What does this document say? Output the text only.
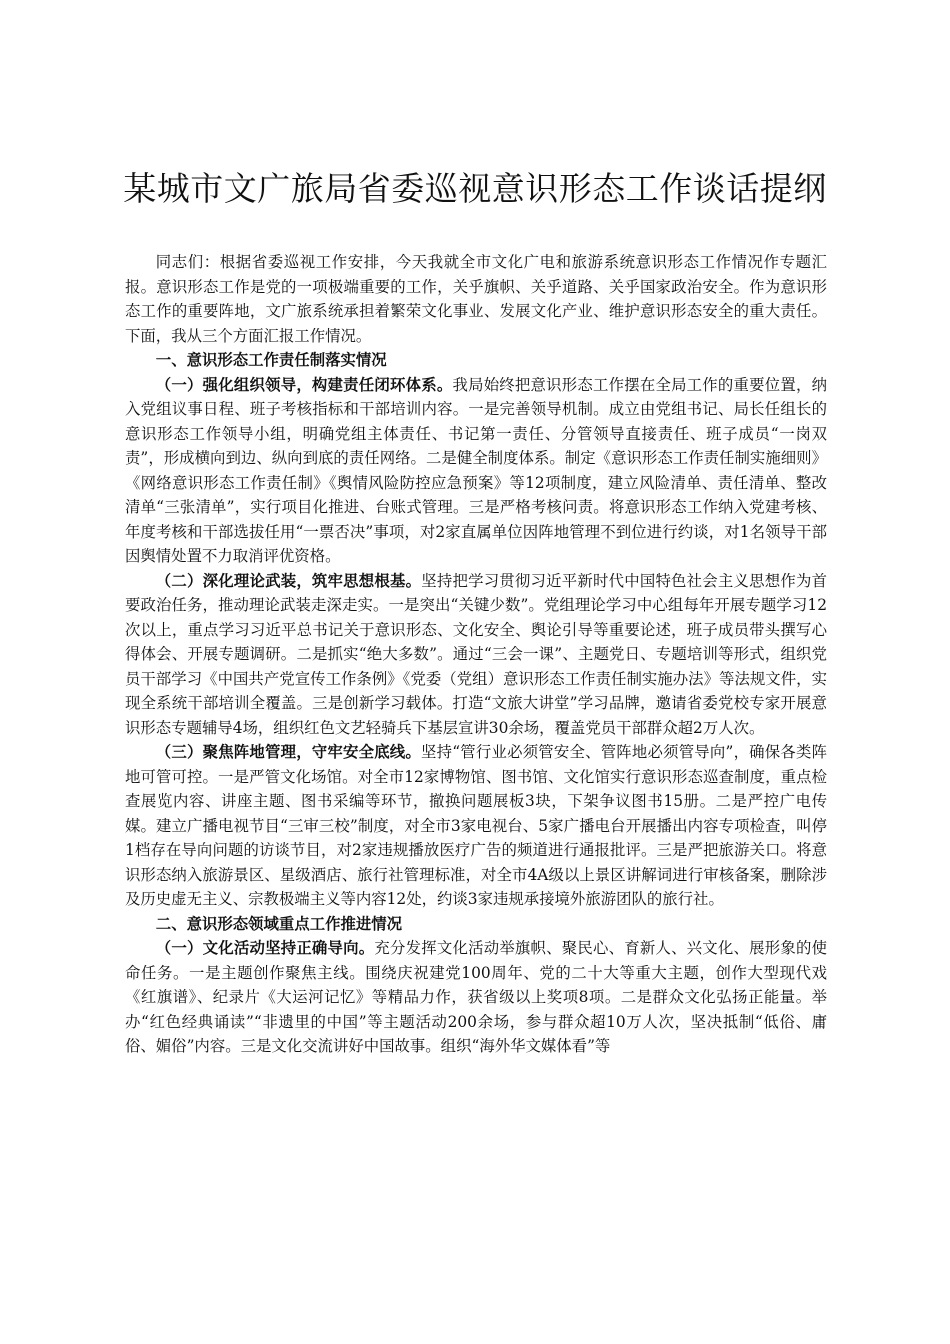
某城市文广旅局省委巡视意识形态工作谈话提纲

同志们：根据省委巡视工作安排，今天我就全市文化广电和旅游系统意识形态工作情况作专题汇报。意识形态工作是党的一项极端重要的工作，关乎旗帜、关乎道路、关乎国家政治安全。作为意识形态工作的重要阵地，文广旅系统承担着繁荣文化事业、发展文化产业、维护意识形态安全的重大责任。下面，我从三个方面汇报工作情况。

一、意识形态工作责任制落实情况

（一）强化组织领导，构建责任闭环体系。我局始终把意识形态工作摆在全局工作的重要位置，纳入党组议事日程、班子考核指标和干部培训内容。一是完善领导机制。成立由党组书记、局长任组长的意识形态工作领导小组，明确党组主体责任、书记第一责任、分管领导直接责任、班子成员“一岗双责”，形成横向到边、纵向到底的责任网络。二是健全制度体系。制定《意识形态工作责任制实施细则》《网络意识形态工作责任制》《舆情风险防控应急预案》等12项制度，建立风险清单、责任清单、整改清单“三张清单”，实行项目化推进、台账式管理。三是严格考核问责。将意识形态工作纳入党建考核、年度考核和干部选拔任用“一票否决”事项，对2家直属单位因阵地管理不到位进行约谈，对1名领导干部因舆情处置不力取消评优资格。

（二）深化理论武装，筑牢思想根基。坚持把学习贯彻习近平新时代中国特色社会主义思想作为首要政治任务，推动理论武装走深走实。一是突出“关键少数”。党组理论学习中心组每年开展专题学习12次以上，重点学习习近平总书记关于意识形态、文化安全、舆论引导等重要论述，班子成员带头撰写心得体会、开展专题调研。二是抓实“绝大多数”。通过“三会一课”、主题党日、专题培训等形式，组织党员干部学习《中国共产党宣传工作条例》《党委（党组）意识形态工作责任制实施办法》等法规文件，实现全系统干部培训全覆盖。三是创新学习载体。打造“文旅大讲堂”学习品牌，邀请省委党校专家开展意识形态专题辅导4场，组织红色文艺轻骑兵下基层宣讲30余场，覆盖党员干部群众超2万人次。

（三）聚焦阵地管理，守牢安全底线。坚持“管行业必须管安全、管阵地必须管导向”，确保各类阵地可管可控。一是严管文化场馆。对全市12家博物馆、图书馆、文化馆实行意识形态巡查制度，重点检查展览内容、讲座主题、图书采编等环节，撤换问题展板3块，下架争议图书15册。二是严控广电传媒。建立广播电视节目“三审三校”制度，对全市3家电视台、5家广播电台开展播出内容专项检查，叫停1档存在导向问题的访谈节目，对2家违规播放医疗广告的频道进行通报批评。三是严把旅游关口。将意识形态纳入旅游景区、星级酒店、旅行社管理标准，对全市4A级以上景区讲解词进行审核备案，删除涉及历史虚无主义、宗教极端主义等内容12处，约谈3家违规承接境外旅游团队的旅行社。

二、意识形态领域重点工作推进情况

（一）文化活动坚持正确导向。充分发挥文化活动举旗帜、聚民心、育新人、兴文化、展形象的使命任务。一是主题创作聚焦主线。围绕庆祝建党100周年、党的二十大等重大主题，创作大型现代戏《红旗谱》、纪录片《大运河记忆》等精品力作，获省级以上奖项8项。二是群众文化弘扬正能量。举办“红色经典诵读”“非遗里的中国”等主题活动200余场，参与群众超10万人次，坚决抵制“低俗、庸俗、媚俗”内容。三是文化交流讲好中国故事。组织“海外华文媒体看”等
